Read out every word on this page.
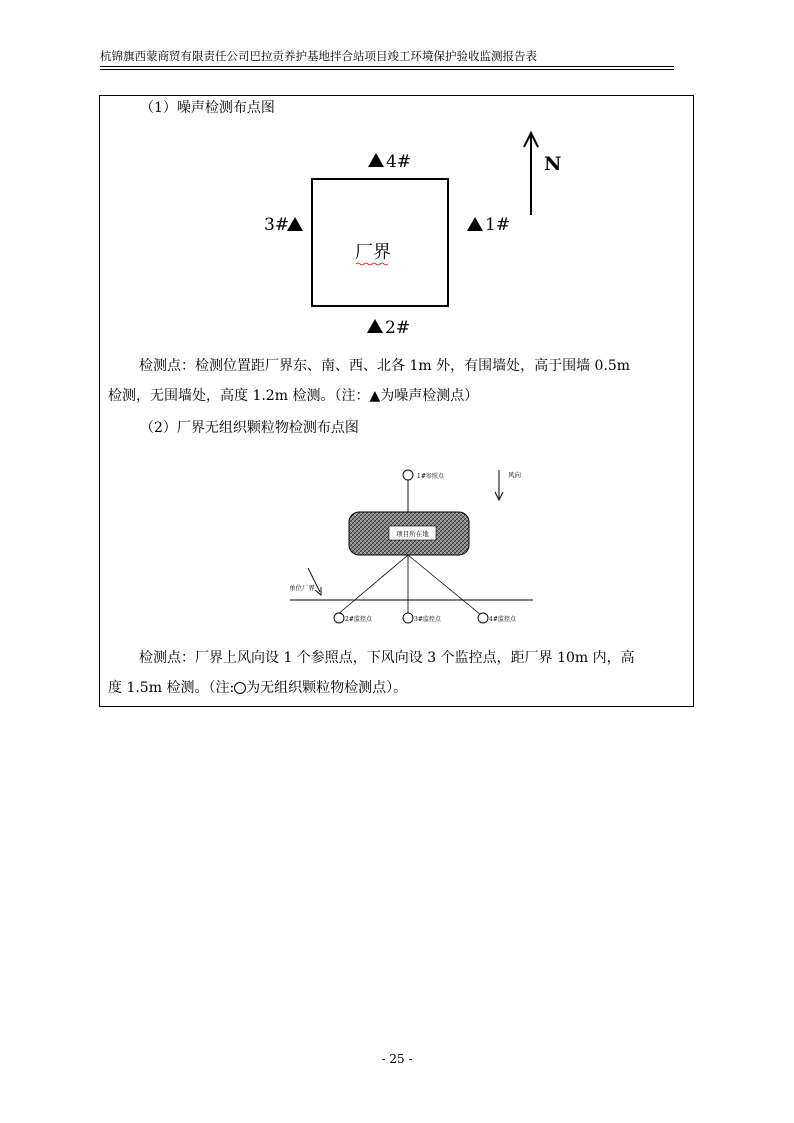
杭锦旗西蒙商贸有限责任公司巴拉贡养护基地拌合站项目竣工环境保护验收监测报告表
（1）噪声检测布点图
厂界
4#
3#	1#
2#
N
检测点：检测位置距厂界东、南、西、北各 1m 外，有围墙处，高于围墙 0.5m
检测，无围墙处，高度 1.2m 检测。（注：▲为噪声检测点）
（2）厂界无组织颗粒物检测布点图
1#参照点	风向
项目所在地
单位厂界
2#监控点	3#监控点	4#监控点
检测点：厂界上风向设 1 个参照点，下风向设 3 个监控点，距厂界 10m 内，高
度 1.5m 检测。（注: 为无组织颗粒物检测点）。
- 25 -
